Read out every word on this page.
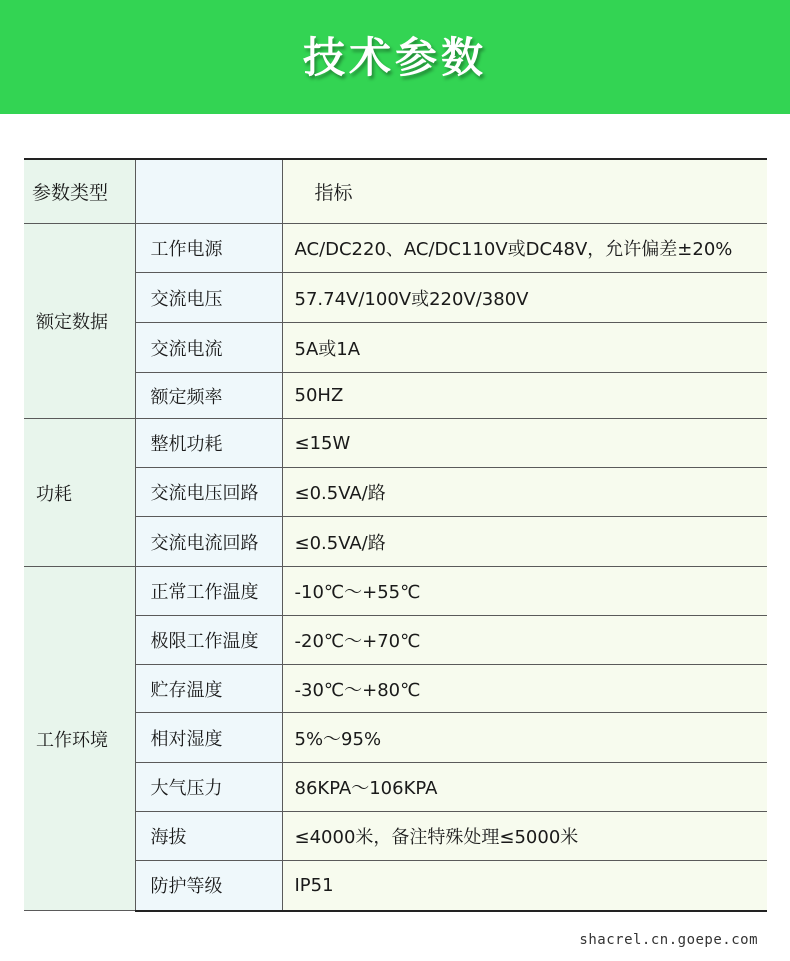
技术参数
参数类型		指标
额定数据	工作电源	AC/DC220、AC/DC110V或DC48V，允许偏差±20%
	交流电压	57.74V/100V或220V/380V
	交流电流	5A或1A
	额定频率	50HZ
功耗	整机功耗	≤15W
	交流电压回路	≤0.5VA/路
	交流电流回路	≤0.5VA/路
工作环境	正常工作温度	-10℃～+55℃
	极限工作温度	-20℃～+70℃
	贮存温度	-30℃～+80℃
	相对湿度	5%～95%
	大气压力	86KPA～106KPA
	海拔	≤4000米，备注特殊处理≤5000米
	防护等级	IP51
shacrel.cn.goepe.com
